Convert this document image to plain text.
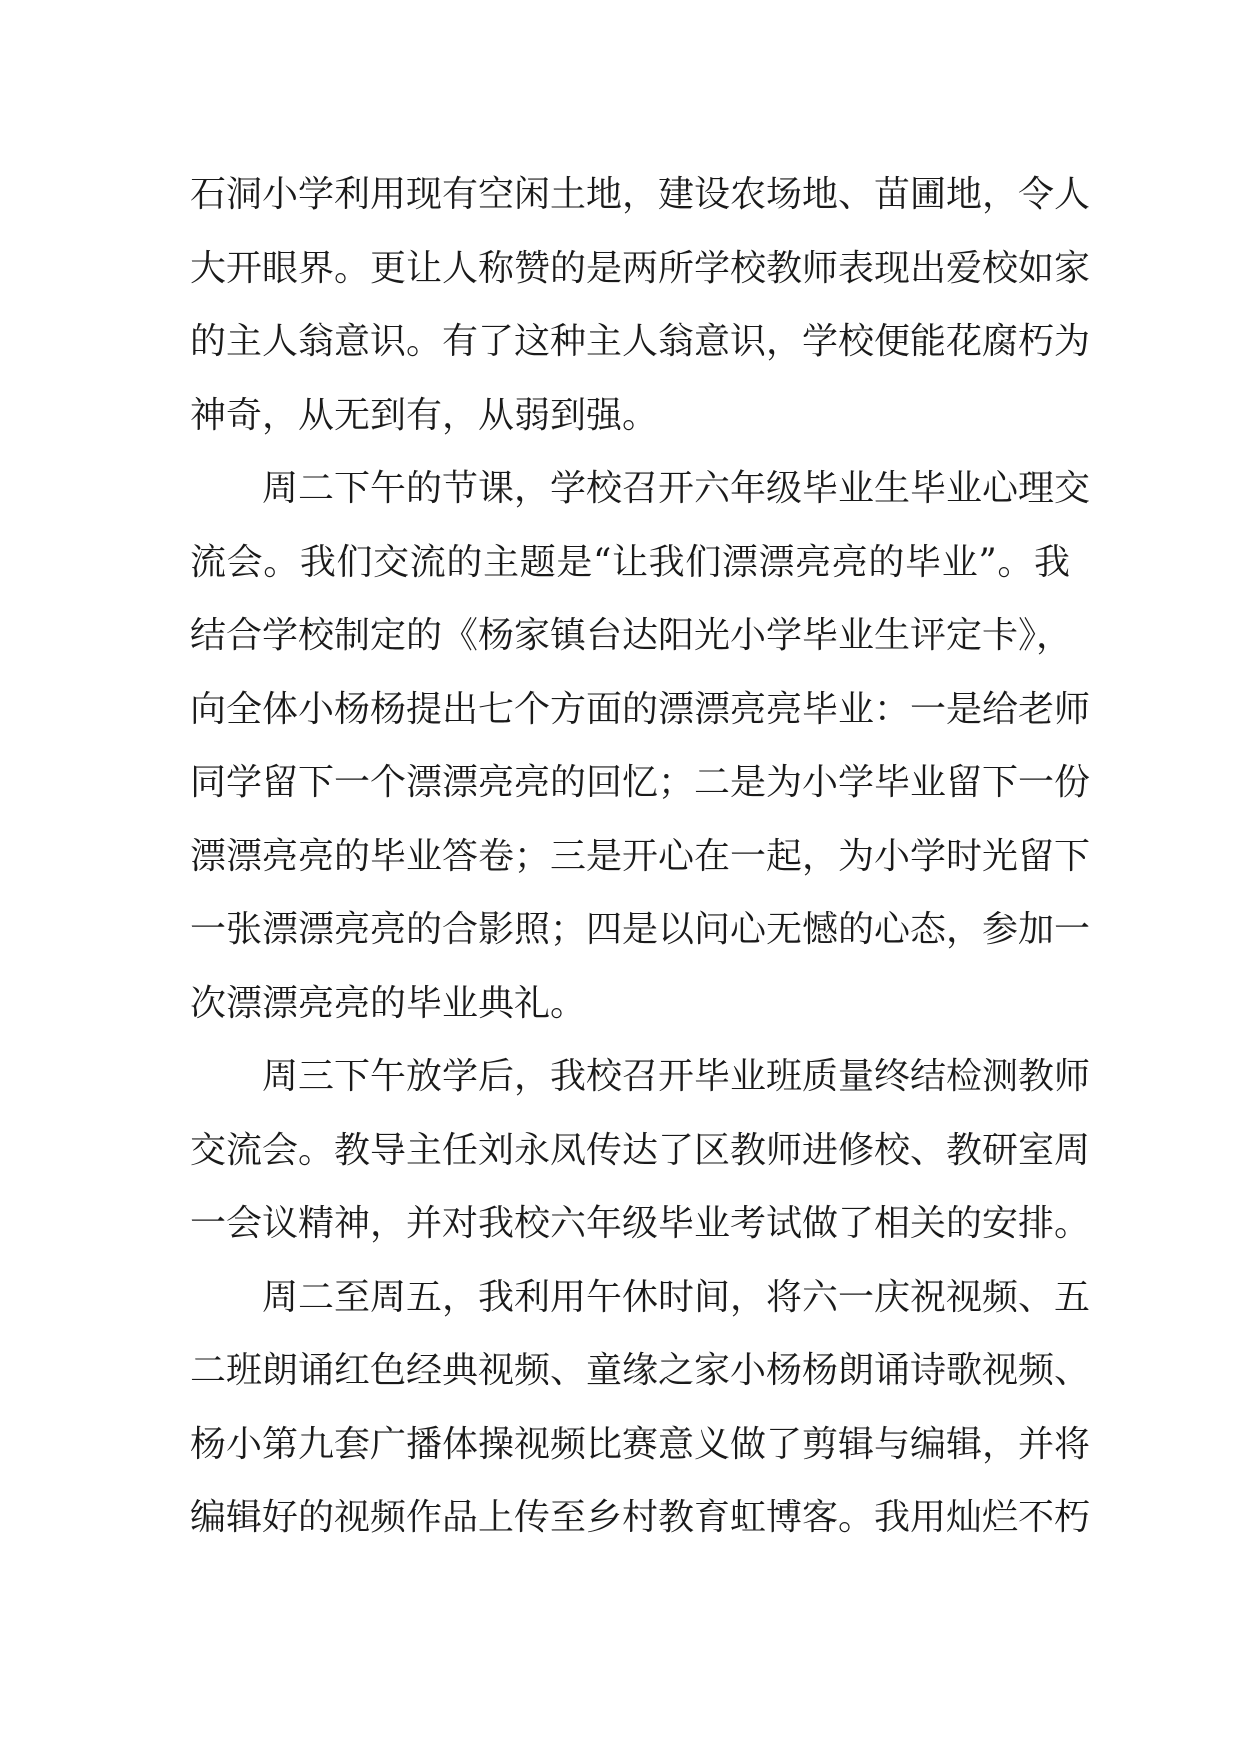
石洞小学利用现有空闲土地，建设农场地、苗圃地，令人
大开眼界。更让人称赞的是两所学校教师表现出爱校如家
的主人翁意识。有了这种主人翁意识，学校便能花腐朽为
神奇，从无到有，从弱到强。
周二下午的节课，学校召开六年级毕业生毕业心理交
流会。我们交流的主题是“让我们漂漂亮亮的毕业”。我
结合学校制定的《杨家镇台达阳光小学毕业生评定卡》，
向全体小杨杨提出七个方面的漂漂亮亮毕业：一是给老师
同学留下一个漂漂亮亮的回忆；二是为小学毕业留下一份
漂漂亮亮的毕业答卷；三是开心在一起，为小学时光留下
一张漂漂亮亮的合影照；四是以问心无憾的心态，参加一
次漂漂亮亮的毕业典礼。
周三下午放学后，我校召开毕业班质量终结检测教师
交流会。教导主任刘永凤传达了区教师进修校、教研室周
一会议精神，并对我校六年级毕业考试做了相关的安排。
周二至周五，我利用午休时间，将六一庆祝视频、五
二班朗诵红色经典视频、童缘之家小杨杨朗诵诗歌视频、
杨小第九套广播体操视频比赛意义做了剪辑与编辑，并将
编辑好的视频作品上传至乡村教育虹博客。我用灿烂不朽
